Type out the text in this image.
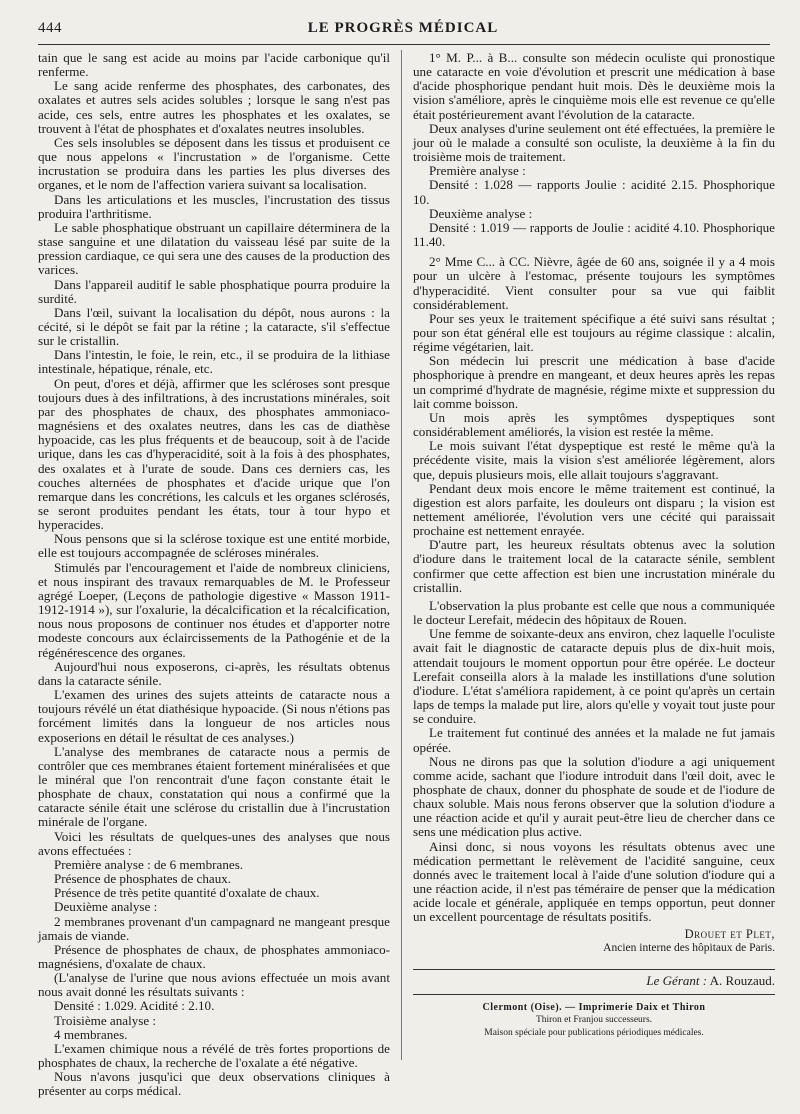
444	LE PROGRÈS MÉDICAL

tain que le sang est acide au moins par l'acide carbonique qu'il renferme.

Le sang acide renferme des phosphates, des carbonates, des oxalates et autres sels acides solubles ; lorsque le sang n'est pas acide, ces sels, entre autres les phosphates et les oxalates, se trouvent à l'état de phosphates et d'oxalates neutres insolubles.

Ces sels insolubles se déposent dans les tissus et produisent ce que nous appelons « l'incrustation » de l'organisme. Cette incrustation se produira dans les parties les plus diverses des organes, et le nom de l'affection variera suivant sa localisation.

Dans les articulations et les muscles, l'incrustation des tissus produira l'arthritisme.

Le sable phosphatique obstruant un capillaire déterminera de la stase sanguine et une dilatation du vaisseau lésé par suite de la pression cardiaque, ce qui sera une des causes de la production des varices.

Dans l'appareil auditif le sable phosphatique pourra produire la surdité.

Dans l'œil, suivant la localisation du dépôt, nous aurons : la cécité, si le dépôt se fait par la rétine ; la cataracte, s'il s'effectue sur le cristallin.

Dans l'intestin, le foie, le rein, etc., il se produira de la lithiase intestinale, hépatique, rénale, etc.

On peut, d'ores et déjà, affirmer que les scléroses sont presque toujours dues à des infiltrations, à des incrustations minérales, soit par des phosphates de chaux, des phosphates ammoniaco-magnésiens et des oxalates neutres, dans les cas de diathèse hypoacide, cas les plus fréquents et de beaucoup, soit à de l'acide urique, dans les cas d'hyperacidité, soit à la fois à des phosphates, des oxalates et à l'urate de soude. Dans ces derniers cas, les couches alternées de phosphates et d'acide urique que l'on remarque dans les concrétions, les calculs et les organes sclérosés, se seront produites pendant les états, tour à tour hypo et hyperacides.

Nous pensons que si la sclérose toxique est une entité morbide, elle est toujours accompagnée de scléroses minérales.

Stimulés par l'encouragement et l'aide de nombreux cliniciens, et nous inspirant des travaux remarquables de M. le Professeur agrégé Loeper, (Leçons de pathologie digestive « Masson 1911-1912-1914 »), sur l'oxalurie, la décalcification et la récalcification, nous nous proposons de continuer nos études et d'apporter notre modeste concours aux éclaircissements de la Pathogénie et de la régénérescence des organes.

Aujourd'hui nous exposerons, ci-après, les résultats obtenus dans la cataracte sénile.

L'examen des urines des sujets atteints de cataracte nous a toujours révélé un état diathésique hypoacide. (Si nous n'étions pas forcément limités dans la longueur de nos articles nous exposerions en détail le résultat de ces analyses.)

L'analyse des membranes de cataracte nous a permis de contrôler que ces membranes étaient fortement minéralisées et que le minéral que l'on rencontrait d'une façon constante était le phosphate de chaux, constatation qui nous a confirmé que la cataracte sénile était une sclérose du cristallin due à l'incrustation minérale de l'organe.

Voici les résultats de quelques-unes des analyses que nous avons effectuées :

Première analyse : de 6 membranes.

Présence de phosphates de chaux.

Présence de très petite quantité d'oxalate de chaux.

Deuxième analyse :

2 membranes provenant d'un campagnard ne mangeant presque jamais de viande.

Présence de phosphates de chaux, de phosphates ammoniaco-magnésiens, d'oxalate de chaux.

(L'analyse de l'urine que nous avions effectuée un mois avant nous avait donné les résultats suivants :

Densité : 1.029. Acidité : 2.10.

Troisième analyse :

4 membranes.

L'examen chimique nous a révélé de très fortes proportions de phosphates de chaux, la recherche de l'oxalate a été négative.

Nous n'avons jusqu'ici que deux observations cliniques à présenter au corps médical.

1° M. P... à B... consulte son médecin oculiste qui pronostique une cataracte en voie d'évolution et prescrit une médication à base d'acide phosphorique pendant huit mois. Dès le deuxième mois la vision s'améliore, après le cinquième mois elle est revenue ce qu'elle était postérieurement avant l'évolution de la cataracte.

Deux analyses d'urine seulement ont été effectuées, la première le jour où le malade a consulté son oculiste, la deuxième à la fin du troisième mois de traitement.

Première analyse :

Densité : 1.028 — rapports Joulie : acidité 2.15. Phosphorique 10.

Deuxième analyse :

Densité : 1.019 — rapports de Joulie : acidité 4.10. Phosphorique 11.40.

2° Mme C... à CC. Nièvre, âgée de 60 ans, soignée il y a 4 mois pour un ulcère à l'estomac, présente toujours les symptômes d'hyperacidité. Vient consulter pour sa vue qui faiblit considérablement.

Pour ses yeux le traitement spécifique a été suivi sans résultat ; pour son état général elle est toujours au régime classique : alcalin, régime végétarien, lait.

Son médecin lui prescrit une médication à base d'acide phosphorique à prendre en mangeant, et deux heures après les repas un comprimé d'hydrate de magnésie, régime mixte et suppression du lait comme boisson.

Un mois après les symptômes dyspeptiques sont considérablement améliorés, la vision est restée la même.

Le mois suivant l'état dyspeptique est resté le même qu'à la précédente visite, mais la vision s'est améliorée légèrement, alors que, depuis plusieurs mois, elle allait toujours s'aggravant.

Pendant deux mois encore le même traitement est continué, la digestion est alors parfaite, les douleurs ont disparu ; la vision est nettement améliorée, l'évolution vers une cécité qui paraissait prochaine est nettement enrayée.

D'autre part, les heureux résultats obtenus avec la solution d'iodure dans le traitement local de la cataracte sénile, semblent confirmer que cette affection est bien une incrustation minérale du cristallin.

L'observation la plus probante est celle que nous a communiquée le docteur Lerefait, médecin des hôpitaux de Rouen.

Une femme de soixante-deux ans environ, chez laquelle l'oculiste avait fait le diagnostic de cataracte depuis plus de dix-huit mois, attendait toujours le moment opportun pour être opérée. Le docteur Lerefait conseilla alors à la malade les instillations d'une solution d'iodure. L'état s'améliora rapidement, à ce point qu'après un certain laps de temps la malade put lire, alors qu'elle y voyait tout juste pour se conduire.

Le traitement fut continué des années et la malade ne fut jamais opérée.

Nous ne dirons pas que la solution d'iodure a agi uniquement comme acide, sachant que l'iodure introduit dans l'œil doit, avec le phosphate de chaux, donner du phosphate de soude et de l'iodure de chaux soluble. Mais nous ferons observer que la solution d'iodure a une réaction acide et qu'il y aurait peut-être lieu de chercher dans ce sens une médication plus active.

Ainsi donc, si nous voyons les résultats obtenus avec une médication permettant le relèvement de l'acidité sanguine, ceux donnés avec le traitement local à l'aide d'une solution d'iodure qui a une réaction acide, il n'est pas téméraire de penser que la médication acide locale et générale, appliquée en temps opportun, peut donner un excellent pourcentage de résultats positifs.

Drouet et Plet,
Ancien interne des hôpitaux de Paris.
Le Gérant : A. Rouzaud.
Clermont (Oise). — Imprimerie Daix et Thiron
Thiron et Franjou successeurs.
Maison spéciale pour publications périodiques médicales.
